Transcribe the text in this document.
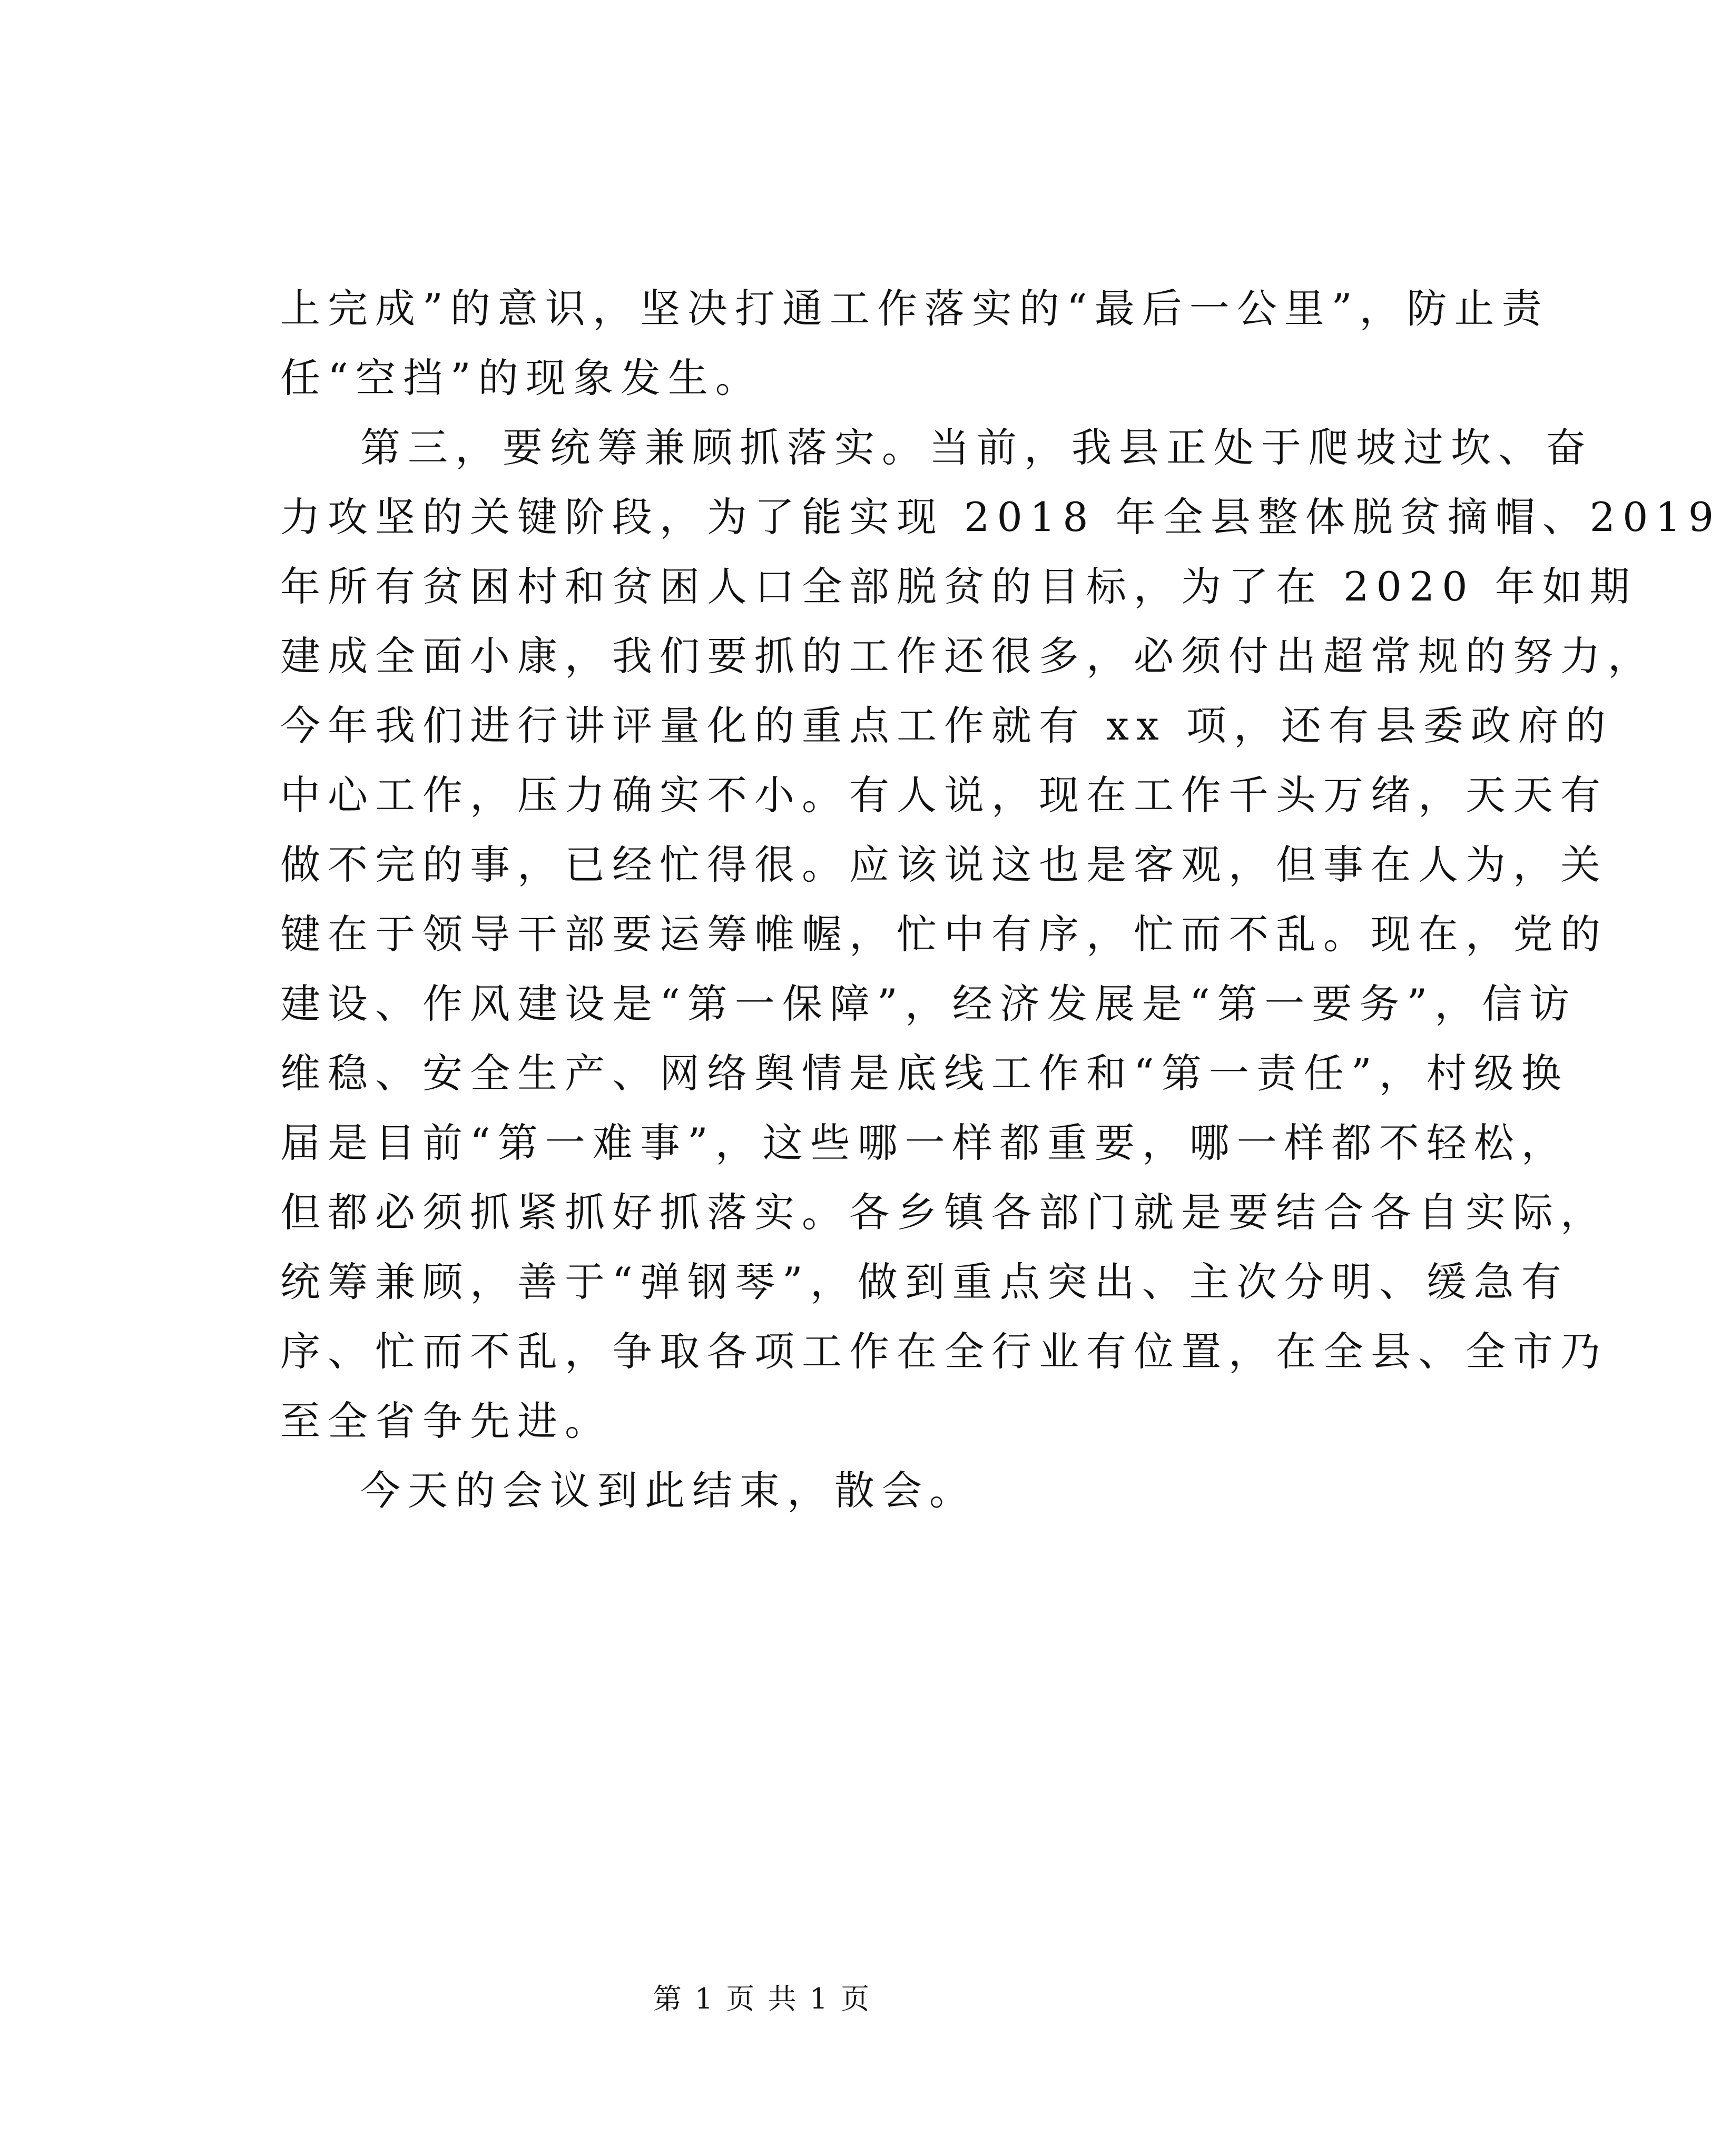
上完成”的意识，坚决打通工作落实的“最后一公里”，防止责
任“空挡”的现象发生。
第三，要统筹兼顾抓落实。当前，我县正处于爬坡过坎、奋
力攻坚的关键阶段，为了能实现 2018 年全县整体脱贫摘帽、2019
年所有贫困村和贫困人口全部脱贫的目标，为了在 2020 年如期
建成全面小康，我们要抓的工作还很多，必须付出超常规的努力，
今年我们进行讲评量化的重点工作就有 xx 项，还有县委政府的
中心工作，压力确实不小。有人说，现在工作千头万绪，天天有
做不完的事，已经忙得很。应该说这也是客观，但事在人为，关
键在于领导干部要运筹帷幄，忙中有序，忙而不乱。现在，党的
建设、作风建设是“第一保障”，经济发展是“第一要务”，信访
维稳、安全生产、网络舆情是底线工作和“第一责任”，村级换
届是目前“第一难事”，这些哪一样都重要，哪一样都不轻松，
但都必须抓紧抓好抓落实。各乡镇各部门就是要结合各自实际，
统筹兼顾，善于“弹钢琴”，做到重点突出、主次分明、缓急有
序、忙而不乱，争取各项工作在全行业有位置，在全县、全市乃
至全省争先进。
今天的会议到此结束，散会。
第 1 页 共 1 页
